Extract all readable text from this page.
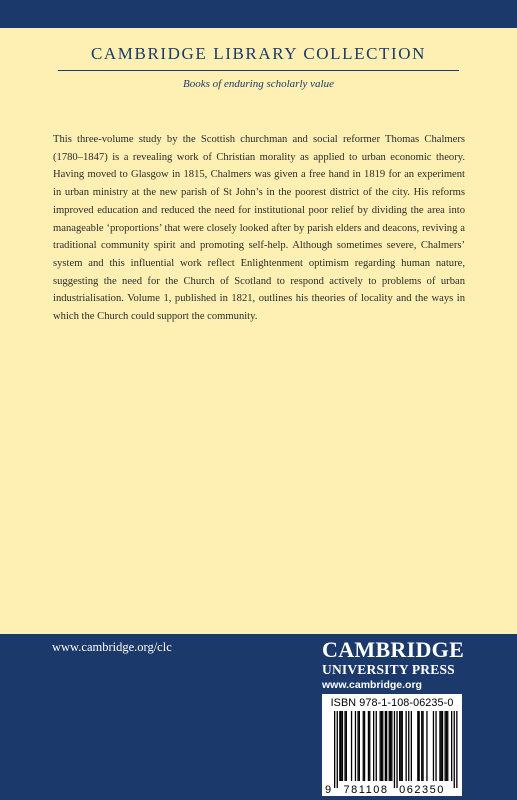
CAMBRIDGE LIBRARY COLLECTION
Books of enduring scholarly value

This three-volume study by the Scottish churchman and social reformer Thomas Chalmers (1780–1847) is a revealing work of Christian morality as applied to urban economic theory. Having moved to Glasgow in 1815, Chalmers was given a free hand in 1819 for an experiment in urban ministry at the new parish of St John’s in the poorest district of the city. His reforms improved education and reduced the need for institutional poor relief by dividing the area into manageable ‘proportions’ that were closely looked after by parish elders and deacons, reviving a traditional community spirit and promoting self-help. Although sometimes severe, Chalmers’ system and this influential work reflect Enlightenment optimism regarding human nature, suggesting the need for the Church of Scotland to respond actively to problems of urban industrialisation. Volume 1, published in 1821, outlines his theories of locality and the ways in which the Church could support the community.

www.cambridge.org/clc	CAMBRIDGE
UNIVERSITY PRESS
www.cambridge.org
ISBN 978-1-108-06235-0
9 781108 062350
